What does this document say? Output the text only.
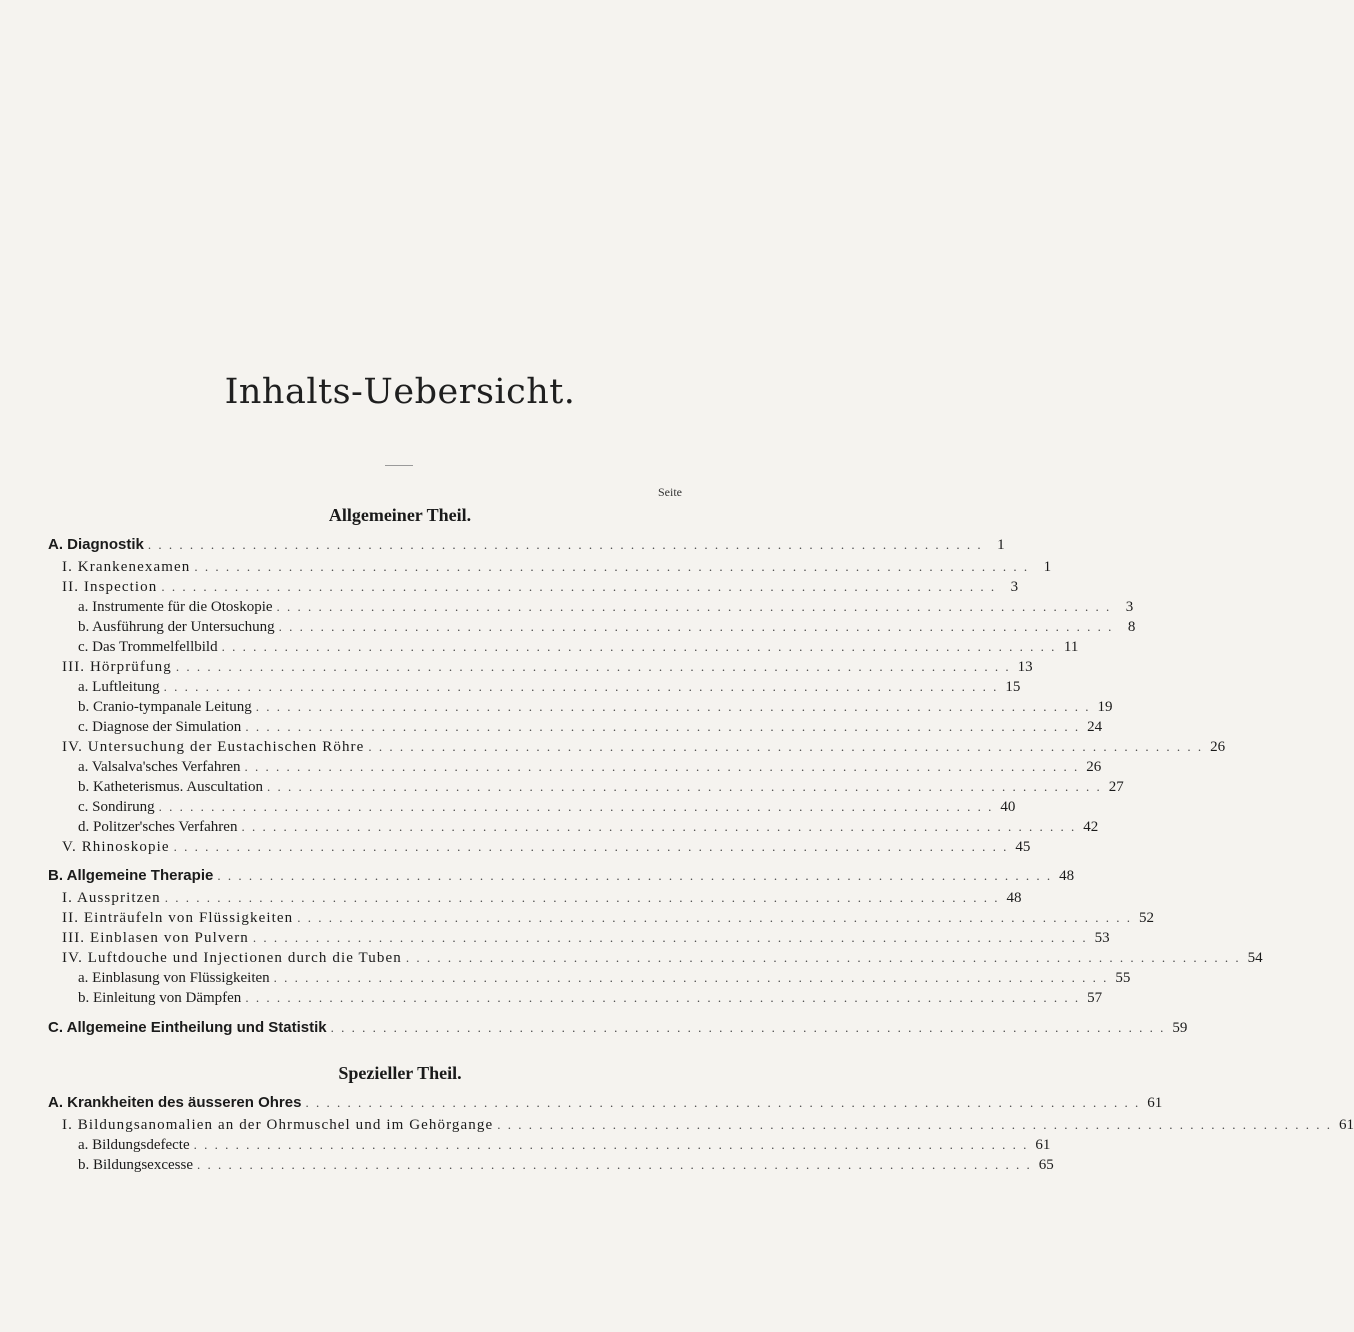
Inhalts-Uebersicht.
Seite
Allgemeiner Theil.
A. Diagnostik . . .	1
I. Krankenexamen . . .	1
II. Inspection . . .	3
a. Instrumente für die Otoskopie . . .	3
b. Ausführung der Untersuchung . . .	8
c. Das Trommelfellbild . . .	11
III. Hörprüfung . . .	13
a. Luftleitung . . .	15
b. Cranio-tympanale Leitung . . .	19
c. Diagnose der Simulation . . .	24
IV. Untersuchung der Eustachischen Röhre . . .	26
a. Valsalva'sches Verfahren . . .	26
b. Katheterismus. Auscultation . . .	27
c. Sondirung . . .	40
d. Politzer'sches Verfahren . . .	42
V. Rhinoskopie . . .	45
B. Allgemeine Therapie . . .	48
I. Ausspritzen . . .	48
II. Einträufeln von Flüssigkeiten . . .	52
III. Einblasen von Pulvern . . .	53
IV. Luftdouche und Injectionen durch die Tuben . . .	54
a. Einblasung von Flüssigkeiten . . .	55
b. Einleitung von Dämpfen . . .	57
C. Allgemeine Eintheilung und Statistik . . .	59
Spezieller Theil.
A. Krankheiten des äusseren Ohres . . .	61
I. Bildungsanomalien an der Ohrmuschel und im Gehörgange . . .	61
a. Bildungsdefecte . . .	61
b. Bildungsexcesse . . .	65
